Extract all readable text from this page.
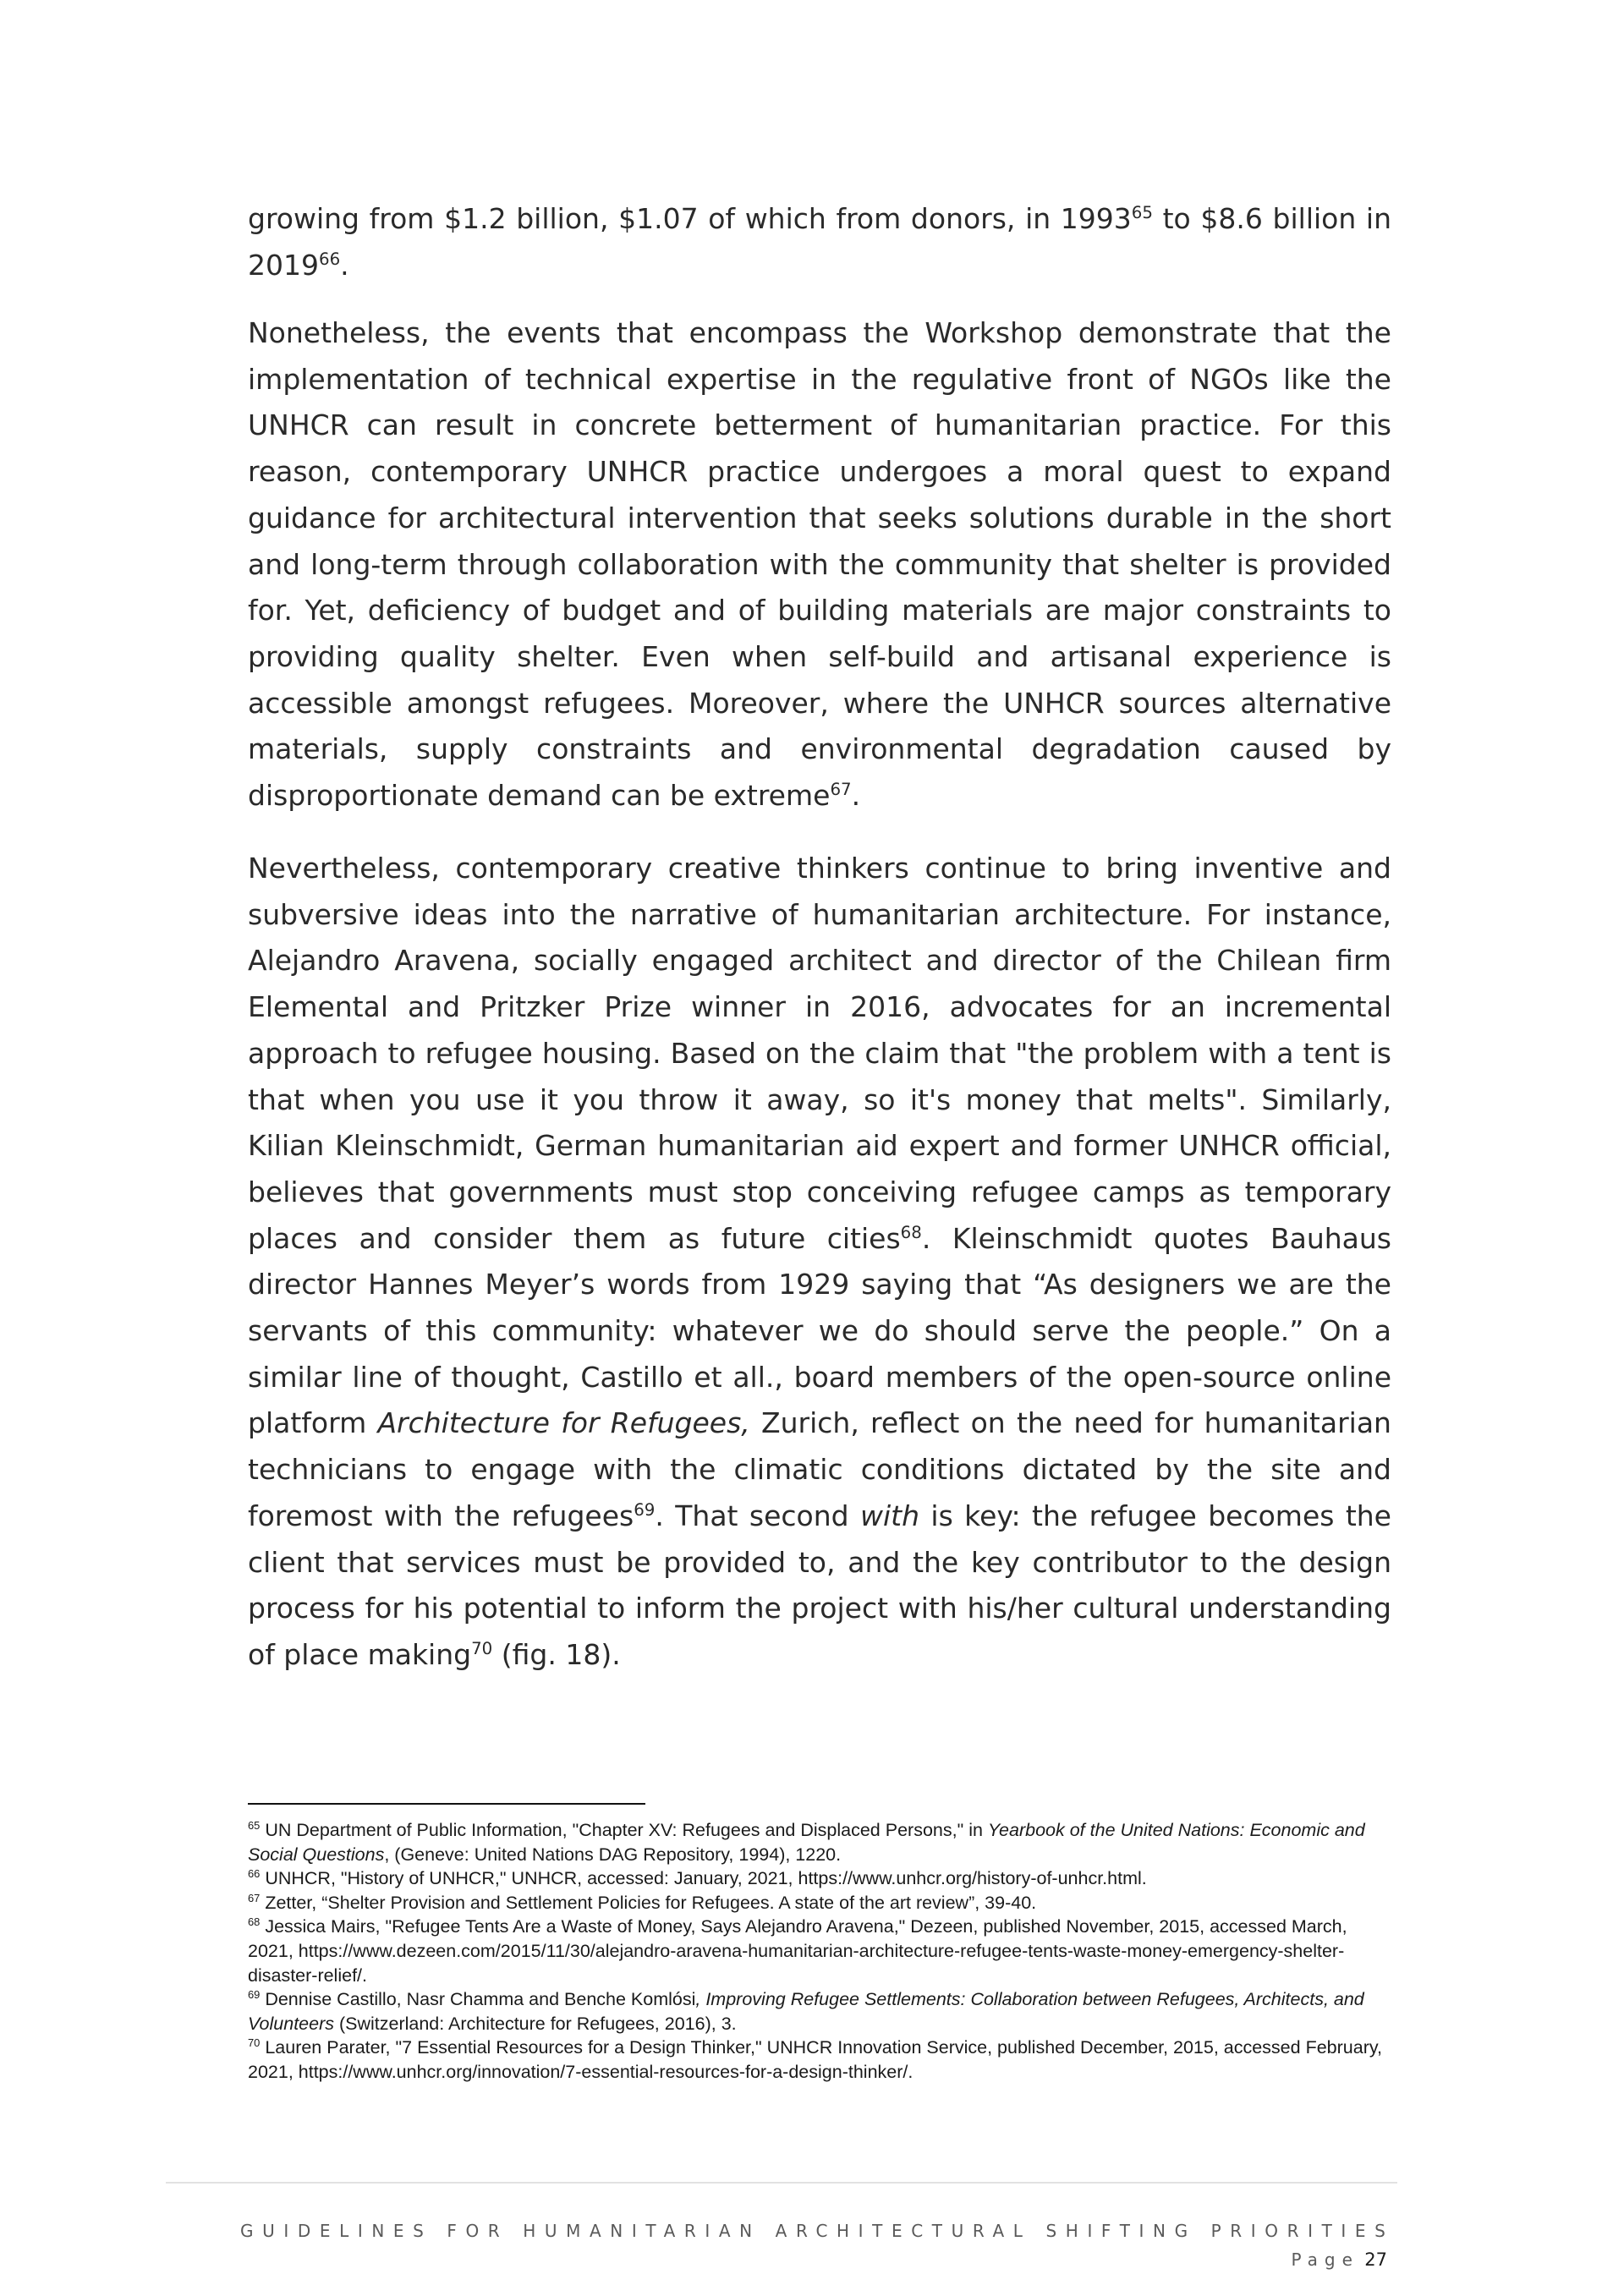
growing from $1.2 billion, $1.07 of which from donors, in 1993$^{65}$ to $8.6 billion in 2019$^{66}$.

Nonetheless, the events that encompass the Workshop demonstrate that the implementation of technical expertise in the regulative front of NGOs like the UNHCR can result in concrete betterment of humanitarian practice. For this reason, contemporary UNHCR practice undergoes a moral quest to expand guidance for architectural intervention that seeks solutions durable in the short and long-term through collaboration with the community that shelter is provided for. Yet, deficiency of budget and of building materials are major constraints to providing quality shelter. Even when self-build and artisanal experience is accessible amongst refugees. Moreover, where the UNHCR sources alternative materials, supply constraints and environmental degradation caused by disproportionate demand can be extreme$^{67}$.

Nevertheless, contemporary creative thinkers continue to bring inventive and subversive ideas into the narrative of humanitarian architecture. For instance, Alejandro Aravena, socially engaged architect and director of the Chilean firm Elemental and Pritzker Prize winner in 2016, advocates for an incremental approach to refugee housing. Based on the claim that "the problem with a tent is that when you use it you throw it away, so it's money that melts". Similarly, Kilian Kleinschmidt, German humanitarian aid expert and former UNHCR official, believes that governments must stop conceiving refugee camps as temporary places and consider them as future cities$^{68}$. Kleinschmidt quotes Bauhaus director Hannes Meyer’s words from 1929 saying that “As designers we are the servants of this community: whatever we do should serve the people.” On a similar line of thought, Castillo et all., board members of the open-source online platform Architecture for Refugees, Zurich, reflect on the need for humanitarian technicians to engage with the climatic conditions dictated by the site and foremost with the refugees$^{69}$. That second with is key: the refugee becomes the client that services must be provided to, and the key contributor to the design process for his potential to inform the project with his/her cultural understanding of place making$^{70}$ (fig. 18).

$^{65}$ UN Department of Public Information, "Chapter XV: Refugees and Displaced Persons," in Yearbook of the United Nations: Economic and Social Questions, (Geneve: United Nations DAG Repository, 1994), 1220.

$^{66}$ UNHCR, "History of UNHCR," UNHCR, accessed: January, 2021, https://www.unhcr.org/history-of-unhcr.html.

$^{67}$ Zetter, “Shelter Provision and Settlement Policies for Refugees. A state of the art review”, 39-40.

$^{68}$ Jessica Mairs, "Refugee Tents Are a Waste of Money, Says Alejandro Aravena," Dezeen, published November, 2015, accessed March, 2021, https://www.dezeen.com/2015/11/30/alejandro-aravena-humanitarian-architecture-refugee-tents-waste-money-emergency-shelter-disaster-relief/.

$^{69}$ Dennise Castillo, Nasr Chamma and Benche Komlósi, Improving Refugee Settlements: Collaboration between Refugees, Architects, and Volunteers (Switzerland: Architecture for Refugees, 2016), 3.

$^{70}$ Lauren Parater, "7 Essential Resources for a Design Thinker," UNHCR Innovation Service, published December, 2015, accessed February, 2021, https://www.unhcr.org/innovation/7-essential-resources-for-a-design-thinker/.

GUIDELINES FOR HUMANITARIAN ARCHITECTURAL SHIFTING PRIORITIES
Page 27
